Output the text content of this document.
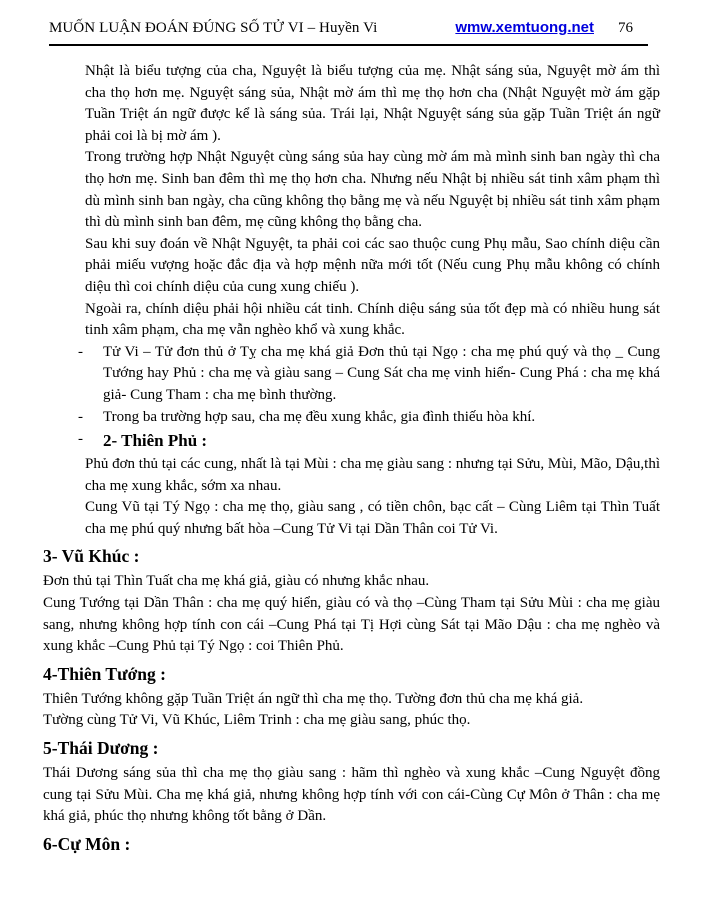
MUỐN LUẬN ĐOÁN ĐÚNG SỐ TỬ VI – Huyền Vi	wmw.xemtuong.net 76

Nhật là biểu tượng của cha, Nguyệt là biểu tượng của mẹ. Nhật sáng sủa, Nguyệt mờ ám thì cha thọ hơn mẹ. Nguyệt sáng sủa, Nhật mờ ám thì mẹ thọ hơn cha (Nhật Nguyệt mờ ám gặp Tuần Triệt án ngữ được kể là sáng sủa. Trái lại, Nhật Nguyệt sáng sủa gặp Tuần Triệt án ngữ phải coi là bị mờ ám ).

Trong trường hợp Nhật Nguyệt cùng sáng sủa hay cùng mờ ám mà mình sinh ban ngày thì cha thọ hơn mẹ. Sinh ban đêm thì mẹ thọ hơn cha. Nhưng nếu Nhật bị nhiều sát tinh xâm phạm thì dù mình sinh ban ngày, cha cũng không thọ bằng mẹ và nếu Nguyệt bị nhiều sát tinh xâm phạm thì dù mình sinh ban đêm, mẹ cũng không thọ bằng cha.

Sau khi suy đoán về Nhật Nguyệt, ta phải coi các sao thuộc cung Phụ mẫu, Sao chính diệu cần phải miếu vượng hoặc đắc địa và hợp mệnh nữa mới tốt (Nếu cung Phụ mẫu không có chính diệu thì coi chính diệu của cung xung chiếu ).

Ngoài ra, chính diệu phải hội nhiều cát tinh. Chính diệu sáng sủa tốt đẹp mà có nhiều hung sát tinh xâm phạm, cha mẹ vẫn nghèo khổ và xung khắc.

-	Tử Vi – Tử đơn thủ ở Tỵ cha mẹ khá giả Đơn thủ tại Ngọ : cha mẹ phú quý và thọ _ Cung Tướng hay Phủ : cha mẹ và giàu sang – Cung Sát cha mẹ vinh hiển- Cung Phá : cha mẹ khá giả- Cung Tham : cha mẹ bình thường.

-	Trong ba trường hợp sau, cha mẹ đều xung khắc, gia đình thiếu hòa khí.

-	2- Thiên Phủ :

Phủ đơn thủ tại các cung, nhất là tại Mùi : cha mẹ giàu sang : nhưng tại Sửu, Mùi, Mão, Dậu,thì cha mẹ xung khắc, sớm xa nhau.

Cung Vũ tại Tý Ngọ : cha mẹ thọ, giàu sang , có tiền chôn, bạc cất – Cùng Liêm tại Thìn Tuất cha mẹ phú quý nhưng bất hòa –Cung Tử Vi tại Dần Thân coi Tử Vi.

3- Vũ Khúc :

Đơn thủ tại Thìn Tuất cha mẹ khá giả, giàu có nhưng khắc nhau.

Cung Tướng tại Dần Thân : cha mẹ quý hiển, giàu có và thọ –Cùng Tham tại Sửu Mùi : cha mẹ giàu sang, nhưng không hợp tính con cái –Cung Phá tại Tị Hợi cùng Sát tại Mão Dậu : cha mẹ nghèo và xung khắc –Cung Phủ tại Tý Ngọ : coi Thiên Phủ.

4-Thiên Tướng :

Thiên Tướng không gặp Tuần Triệt án ngữ thì cha mẹ thọ. Tường đơn thủ cha mẹ khá giả.

Tường cùng Tử Vi, Vũ Khúc, Liêm Trinh : cha mẹ giàu sang, phúc thọ.

5-Thái Dương :

Thái Dương sáng sủa thì cha mẹ thọ giàu sang : hãm thì nghèo và xung khắc –Cung Nguyệt đồng cung tại Sửu Mùi. Cha mẹ khá giả, nhưng không hợp tính với con cái-Cùng Cự Môn ở Thân : cha mẹ khá giả, phúc thọ nhưng không tốt bằng ở Dần.

6-Cự Môn :
